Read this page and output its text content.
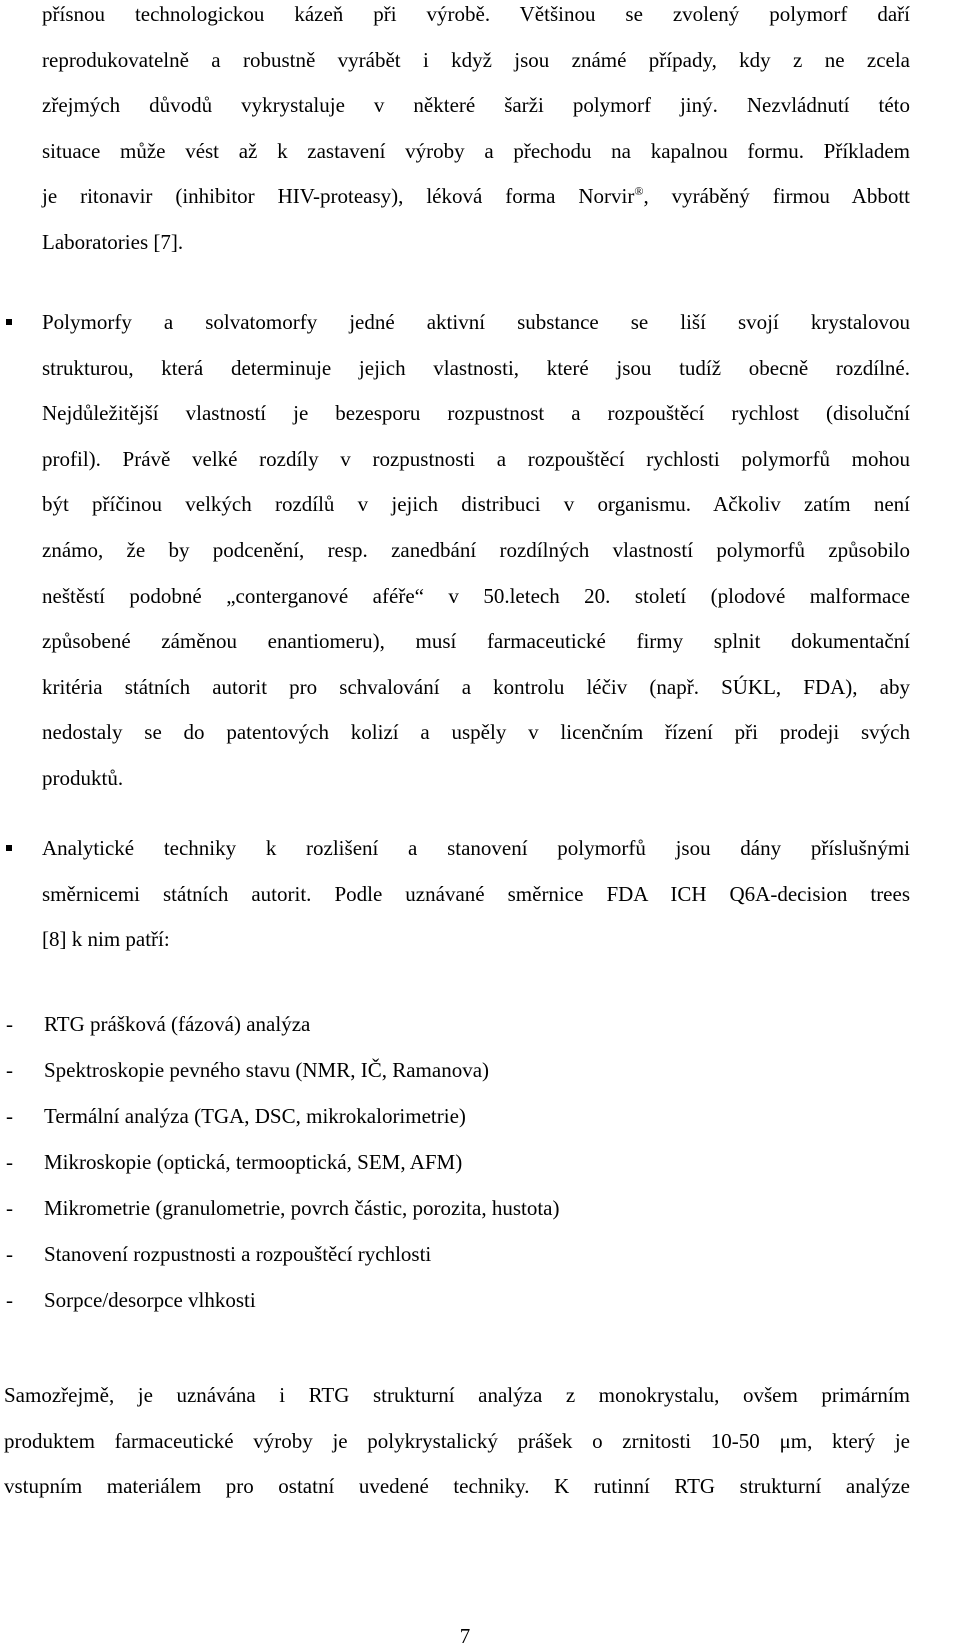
přísnou technologickou kázeň při výrobě. Většinou se zvolený polymorf daří
reprodukovatelně a robustně vyrábět i když jsou známé případy, kdy z ne zcela
zřejmých důvodů vykrystaluje v některé šarži polymorf jiný. Nezvládnutí této
situace může vést až k zastavení výroby a přechodu na kapalnou formu. Příkladem
je ritonavir (inhibitor HIV-proteasy), léková forma Norvir®, vyráběný firmou Abbott
Laboratories [7].
Polymorfy a solvatomorfy jedné aktivní substance se liší svojí krystalovou
strukturou, která determinuje jejich vlastnosti, které jsou tudíž obecně rozdílné.
Nejdůležitější vlastností je bezesporu rozpustnost a rozpouštěcí rychlost (disoluční
profil). Právě velké rozdíly v rozpustnosti a rozpouštěcí rychlosti polymorfů mohou
být příčinou velkých rozdílů v jejich distribuci v organismu. Ačkoliv zatím není
známo, že by podcenění, resp. zanedbání rozdílných vlastností polymorfů způsobilo
neštěstí podobné „conterganové aféře“ v 50.letech 20. století (plodové malformace
způsobené záměnou enantiomeru), musí farmaceutické firmy splnit dokumentační
kritéria státních autorit pro schvalování a kontrolu léčiv (např. SÚKL, FDA), aby
nedostaly se do patentových kolizí a uspěly v licenčním řízení při prodeji svých
produktů.
Analytické techniky k rozlišení a stanovení polymorfů jsou dány příslušnými
směrnicemi státních autorit. Podle uznávané směrnice FDA ICH Q6A-decision trees
[8] k nim patří:
- RTG prášková (fázová) analýza
- Spektroskopie pevného stavu (NMR, IČ, Ramanova)
- Termální analýza (TGA, DSC, mikrokalorimetrie)
- Mikroskopie (optická, termooptická, SEM, AFM)
- Mikrometrie (granulometrie, povrch částic, porozita, hustota)
- Stanovení rozpustnosti a rozpouštěcí rychlosti
- Sorpce/desorpce vlhkosti
Samozřejmě, je uznávána i RTG strukturní analýza z monokrystalu, ovšem primárním
produktem farmaceutické výroby je polykrystalický prášek o zrnitosti 10-50 μm, který je
vstupním materiálem pro ostatní uvedené techniky. K rutinní RTG strukturní analýze
7
